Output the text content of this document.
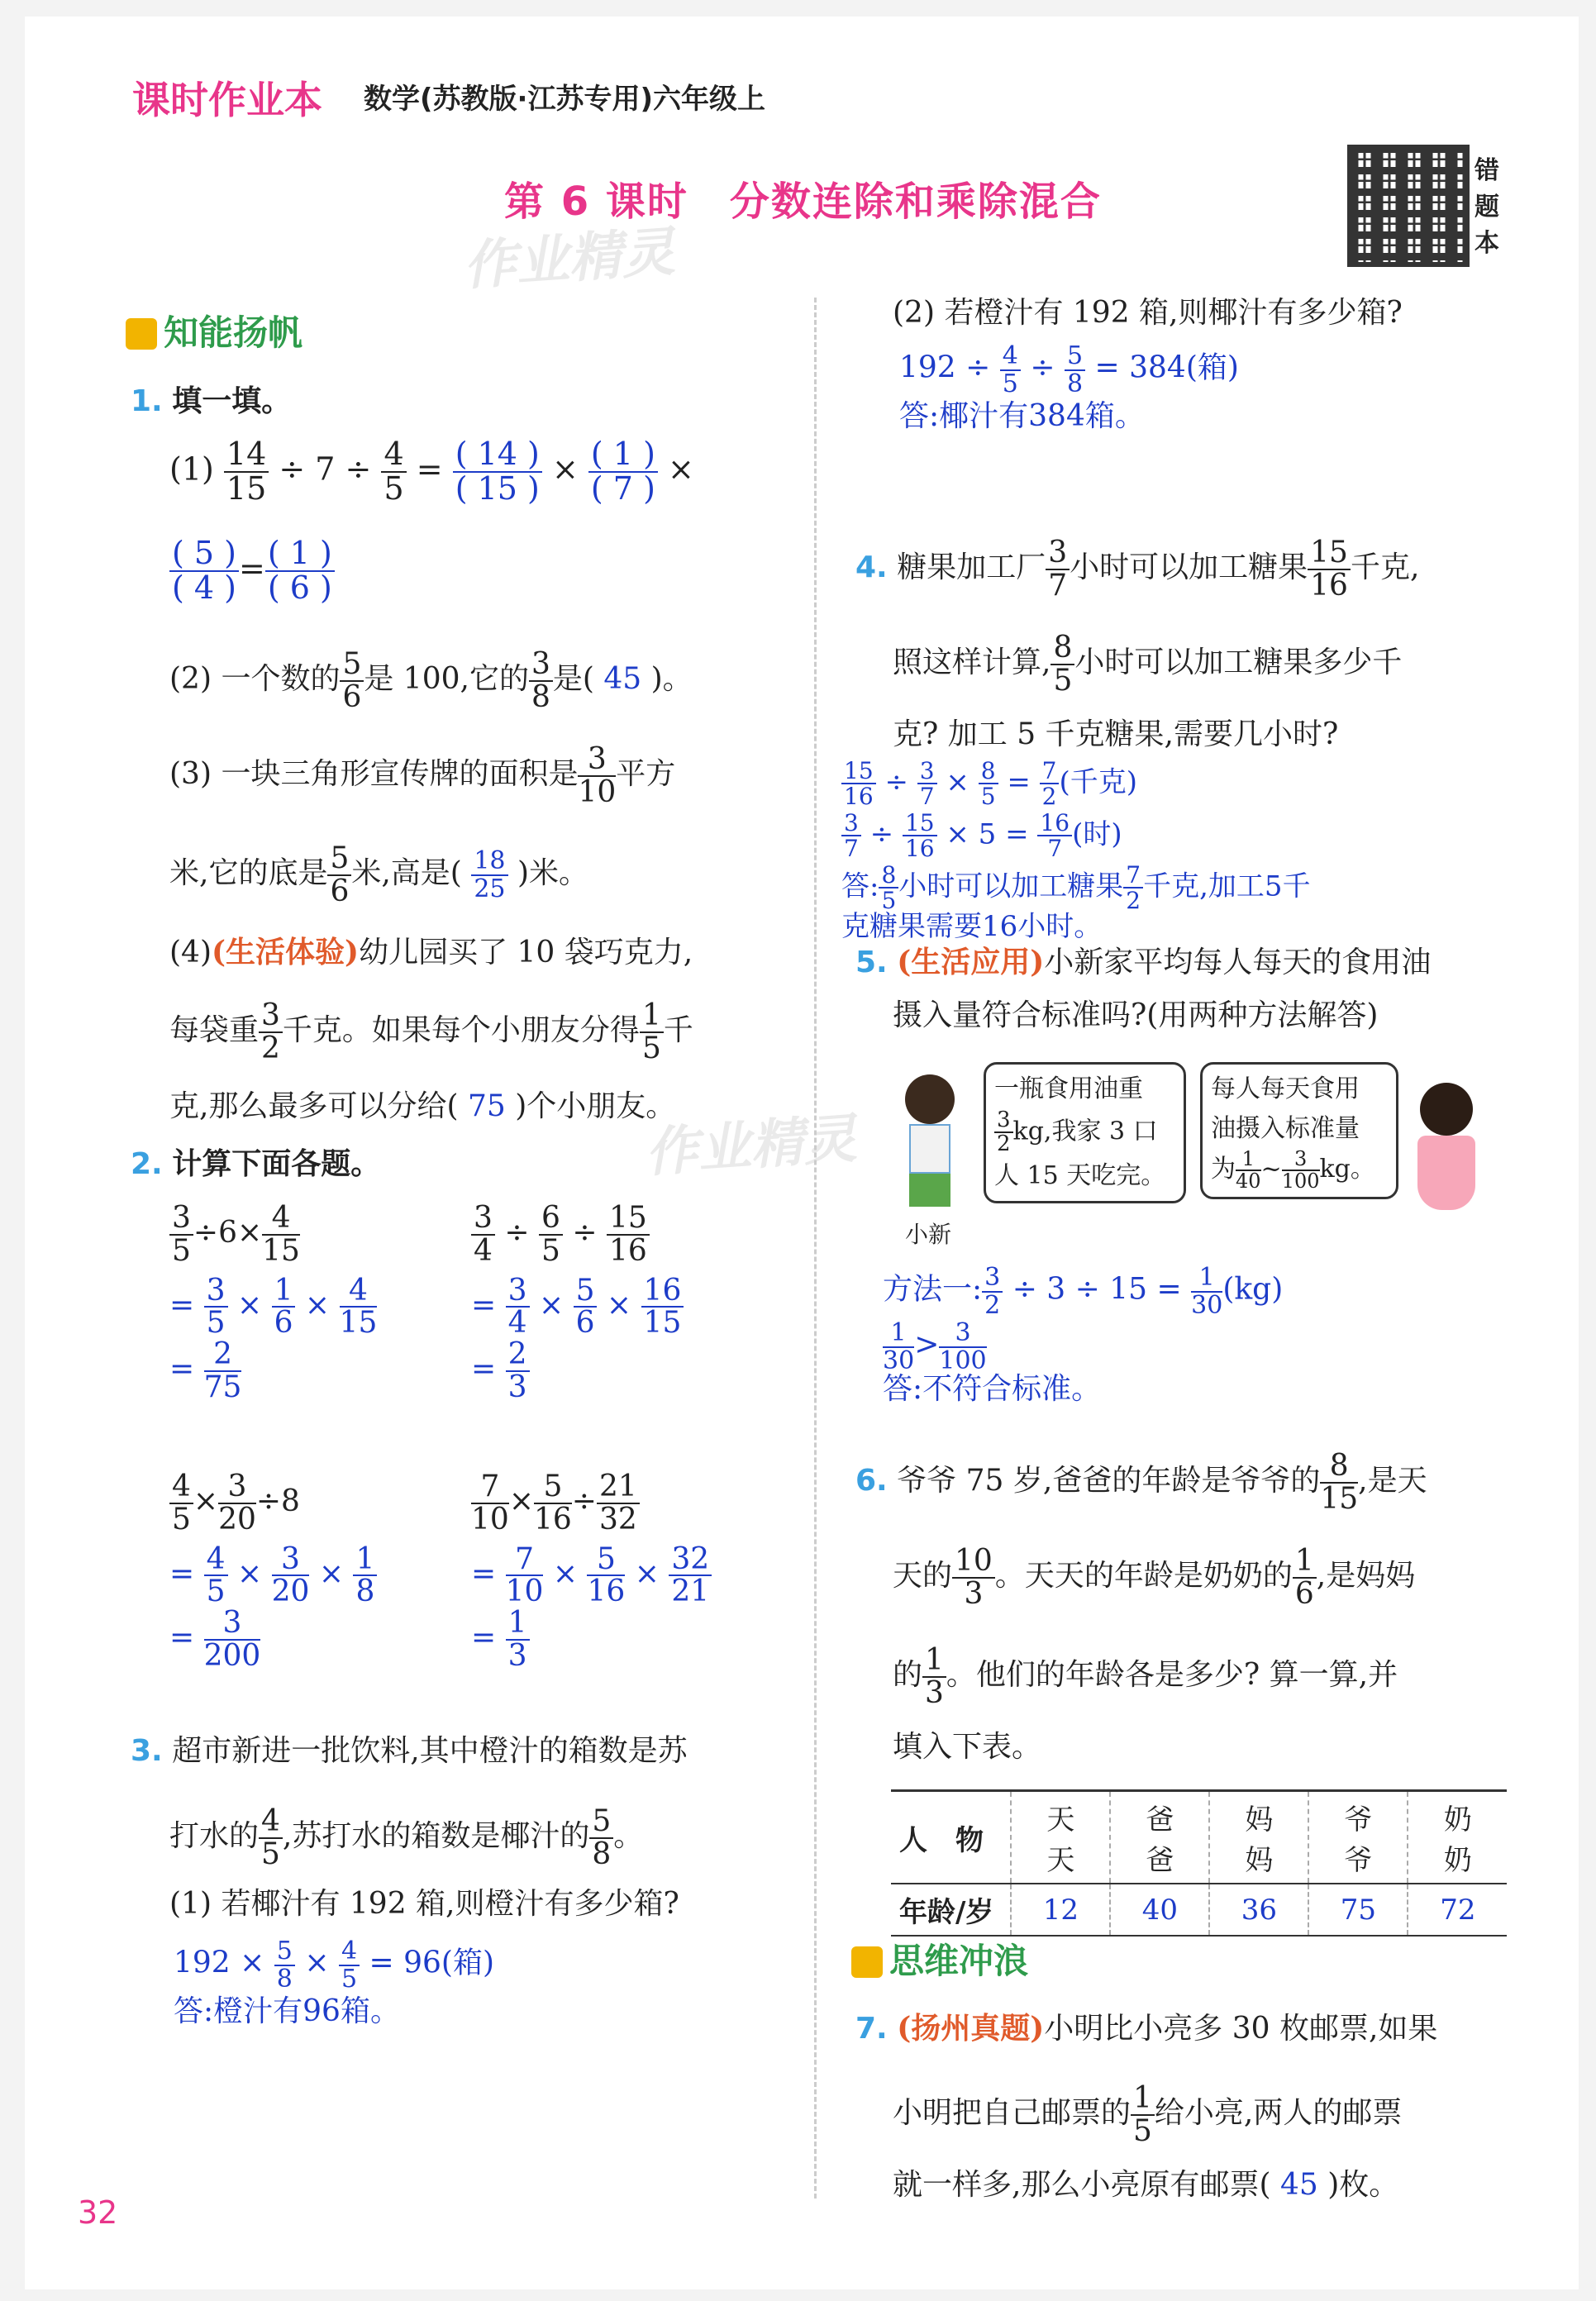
课时作业本 数学(苏教版·江苏专用)六年级上
第 6 课时　分数连除和乘除混合
作业精灵
作业精灵
错题本
知能扬帆
1. 填一填。
$(1) \frac{14}{15} \div 7 \div \frac{4}{5} = \frac{( 14 )}{( 15 )} \times \frac{( 1 )}{( 7 )}$ ×
$\frac{( 5 )}{( 4 )} = \frac{( 1 )}{( 6 )}$
(2) 一个数的 $\frac{5}{6}$ 是 100,它的 $\frac{3}{8}$ 是( 45 )。
(3) 一块三角形宣传牌的面积是 $\frac{3}{10}$ 平方
米,它的底是 $\frac{5}{6}$ 米,高是( $\frac{18}{25}$ )米。
(4)(生活体验)幼儿园买了 10 袋巧克力,
每袋重 $\frac{3}{2}$ 千克。如果每个小朋友分得 $\frac{1}{5}$ 千
克,那么最多可以分给( 75 )个小朋友。
2. 计算下面各题。
$\frac{3}{5} \div 6\times \frac{4}{15}$
= $\frac{3}{5} \times \frac{1}{6} \times \frac{4}{15}$
= $\frac{2}{75}$
$\frac{3}{4} \div \frac{6}{5} \div \frac{15}{16}$
= $\frac{3}{4} \times \frac{5}{6} \times \frac{16}{15}$
= $\frac{2}{3}$
$\frac{4}{5} \times \frac{3}{20} \div 8$
= $\frac{4}{5} \times \frac{3}{20} \times \frac{1}{8}$
= $\frac{3}{200}$
$\frac{7}{10} \times \frac{5}{16} \div \frac{21}{32}$
= $\frac{7}{10} \times \frac{5}{16} \times \frac{32}{21}$
= $\frac{1}{3}$
3. 超市新进一批饮料,其中橙汁的箱数是苏
打水的 $\frac{4}{5}$ ,苏打水的箱数是椰汁的 $\frac{5}{8}$ 。
(1) 若椰汁有 192 箱,则橙汁有多少箱?
$192 \times \frac{5}{8} \times \frac{4}{5} = 96$(箱)
答:橙汁有96箱。
(2) 若橙汁有 192 箱,则椰汁有多少箱?
$192 \div \frac{4}{5} \div \frac{5}{8} = 384$(箱)
答:椰汁有384箱。
4. 糖果加工厂 $\frac{3}{7}$ 小时可以加工糖果 $\frac{15}{16}$ 千克,
照这样计算, $\frac{8}{5}$ 小时可以加工糖果多少千
克? 加工 5 千克糖果,需要几小时?
$\frac{15}{16} \div \frac{3}{7} \times \frac{8}{5} = \frac{7}{2}$ (千克)
$\frac{3}{7} \div \frac{15}{16} \times 5 = \frac{16}{7}$ (时)
答: $\frac{8}{5}$ 小时可以加工糖果 $\frac{7}{2}$ 千克,加工5千
克糖果需要16小时。
5. (生活应用)小新家平均每人每天的食用油
摄入量符合标准吗?(用两种方法解答)
小新
一瓶食用油重
$\frac{3}{2}$ kg,我家 3 口
人 15 天吃完。
每人每天食用
油摄入标准量
为 $\frac{1}{40}$ ~ $\frac{3}{100}$ kg。
方法一: $\frac{3}{2} \div 3 \div 15 = \frac{1}{30} (kg)$
$\frac{1}{30} > \frac{3}{100}$
答:不符合标准。
6. 爷爷 75 岁,爸爸的年龄是爷爷的 $\frac{8}{15}$ ,是天
天的 $\frac{10}{3}$ 。天天的年龄是奶奶的 $\frac{1}{6}$ ,是妈妈
的 $\frac{1}{3}$ 。他们的年龄各是多少? 算一算,并
填入下表。
人　物	天　天	爸　爸	妈　妈	爷　爷	奶　奶
年龄/岁	12	40	36	75	72
思维冲浪
7. (扬州真题)小明比小亮多 30 枚邮票,如果
小明把自己邮票的 $\frac{1}{5}$ 给小亮,两人的邮票
就一样多,那么小亮原有邮票( 45 )枚。
32
